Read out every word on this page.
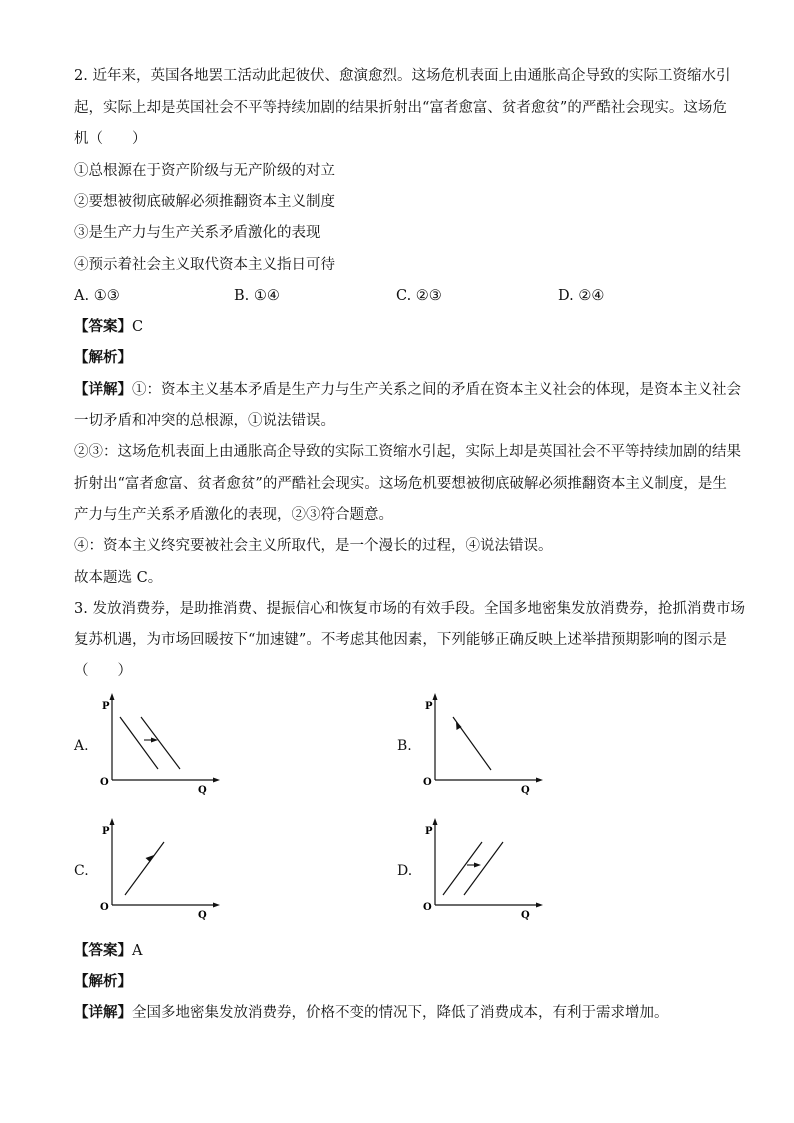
2. 近年来，英国各地罢工活动此起彼伏、愈演愈烈。这场危机表面上由通胀高企导致的实际工资缩水引
起，实际上却是英国社会不平等持续加剧的结果折射出“富者愈富、贫者愈贫”的严酷社会现实。这场危
机（　　）
①总根源在于资产阶级与无产阶级的对立
②要想被彻底破解必须推翻资本主义制度
③是生产力与生产关系矛盾激化的表现
④预示着社会主义取代资本主义指日可待
A. ①③	B. ①④	C. ②③	D. ②④
【答案】C
【解析】
【详解】①：资本主义基本矛盾是生产力与生产关系之间的矛盾在资本主义社会的体现，是资本主义社会
一切矛盾和冲突的总根源，①说法错误。
②③：这场危机表面上由通胀高企导致的实际工资缩水引起，实际上却是英国社会不平等持续加剧的结果
折射出“富者愈富、贫者愈贫”的严酷社会现实。这场危机要想被彻底破解必须推翻资本主义制度，是生
产力与生产关系矛盾激化的表现，②③符合题意。
④：资本主义终究要被社会主义所取代，是一个漫长的过程，④说法错误。
故本题选 C。
3. 发放消费券，是助推消费、提振信心和恢复市场的有效手段。全国多地密集发放消费券，抢抓消费市场
复苏机遇，为市场回暖按下“加速键”。不考虑其他因素，下列能够正确反映上述举措预期影响的图示是
（　　）
A.	B.
C.	D.
P
O
Q
P
O
Q
P
O
Q
P
O
Q
【答案】A
【解析】
【详解】全国多地密集发放消费券，价格不变的情况下，降低了消费成本，有利于需求增加。
